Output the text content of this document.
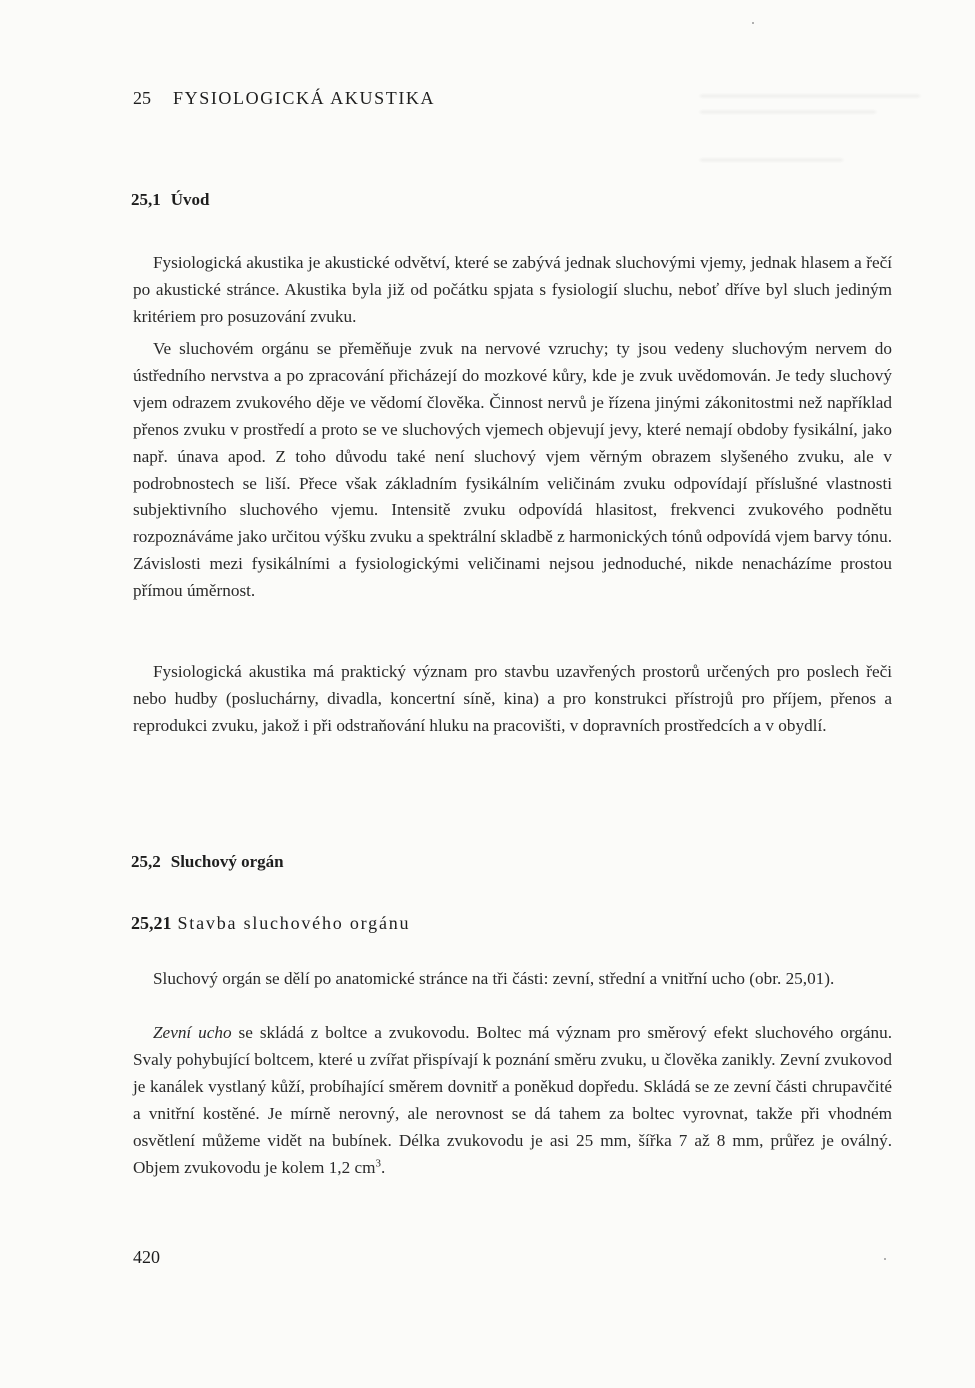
25 FYSIOLOGICKÁ AKUSTIKA
25,1 Úvod

Fysiologická akustika je akustické odvětví, které se zabývá jednak sluchovými vjemy, jednak hlasem a řečí po akustické stránce. Akustika byla již od počátku spjata s fysiologií sluchu, neboť dříve byl sluch jediným kritériem pro posuzování zvuku.

Ve sluchovém orgánu se přeměňuje zvuk na nervové vzruchy; ty jsou vedeny sluchovým nervem do ústředního nervstva a po zpracování přicházejí do mozkové kůry, kde je zvuk uvědomován. Je tedy sluchový vjem odrazem zvukového děje ve vědomí člověka. Činnost nervů je řízena jinými zákonitostmi než například přenos zvuku v prostředí a proto se ve sluchových vjemech objevují jevy, které nemají obdoby fysikální, jako např. únava apod. Z toho důvodu také není sluchový vjem věrným obrazem slyšeného zvuku, ale v podrobnostech se liší. Přece však základním fysikálním veličinám zvuku odpovídají příslušné vlastnosti subjektivního sluchového vjemu. Intensitě zvuku odpovídá hlasitost, frekvenci zvukového podnětu rozpoznáváme jako určitou výšku zvuku a spektrální skladbě z harmonických tónů odpovídá vjem barvy tónu. Závislosti mezi fysikálními a fysiologickými veličinami nejsou jednoduché, nikde nenacházíme prostou přímou úměrnost.

Fysiologická akustika má praktický význam pro stavbu uzavřených prostorů určených pro poslech řeči nebo hudby (posluchárny, divadla, koncertní síně, kina) a pro konstrukci přístrojů pro příjem, přenos a reprodukci zvuku, jakož i při odstraňování hluku na pracovišti, v dopravních prostředcích a v obydlí.

25,2 Sluchový orgán
25,21 Stavba sluchového orgánu

Sluchový orgán se dělí po anatomické stránce na tři části: zevní, střední a vnitřní ucho (obr. 25,01).

Zevní ucho se skládá z boltce a zvukovodu. Boltec má význam pro směrový efekt sluchového orgánu. Svaly pohybující boltcem, které u zvířat přispívají k poznání směru zvuku, u člověka zanikly. Zevní zvukovod je kanálek vystlaný kůží, probíhající směrem dovnitř a poněkud dopředu. Skládá se ze zevní části chrupavčité a vnitřní kostěné. Je mírně nerovný, ale nerovnost se dá tahem za boltec vyrovnat, takže při vhodném osvětlení můžeme vidět na bubínek. Délka zvukovodu je asi 25 mm, šířka 7 až 8 mm, průřez je oválný. Objem zvukovodu je kolem 1,2 $cm^3$.

420
